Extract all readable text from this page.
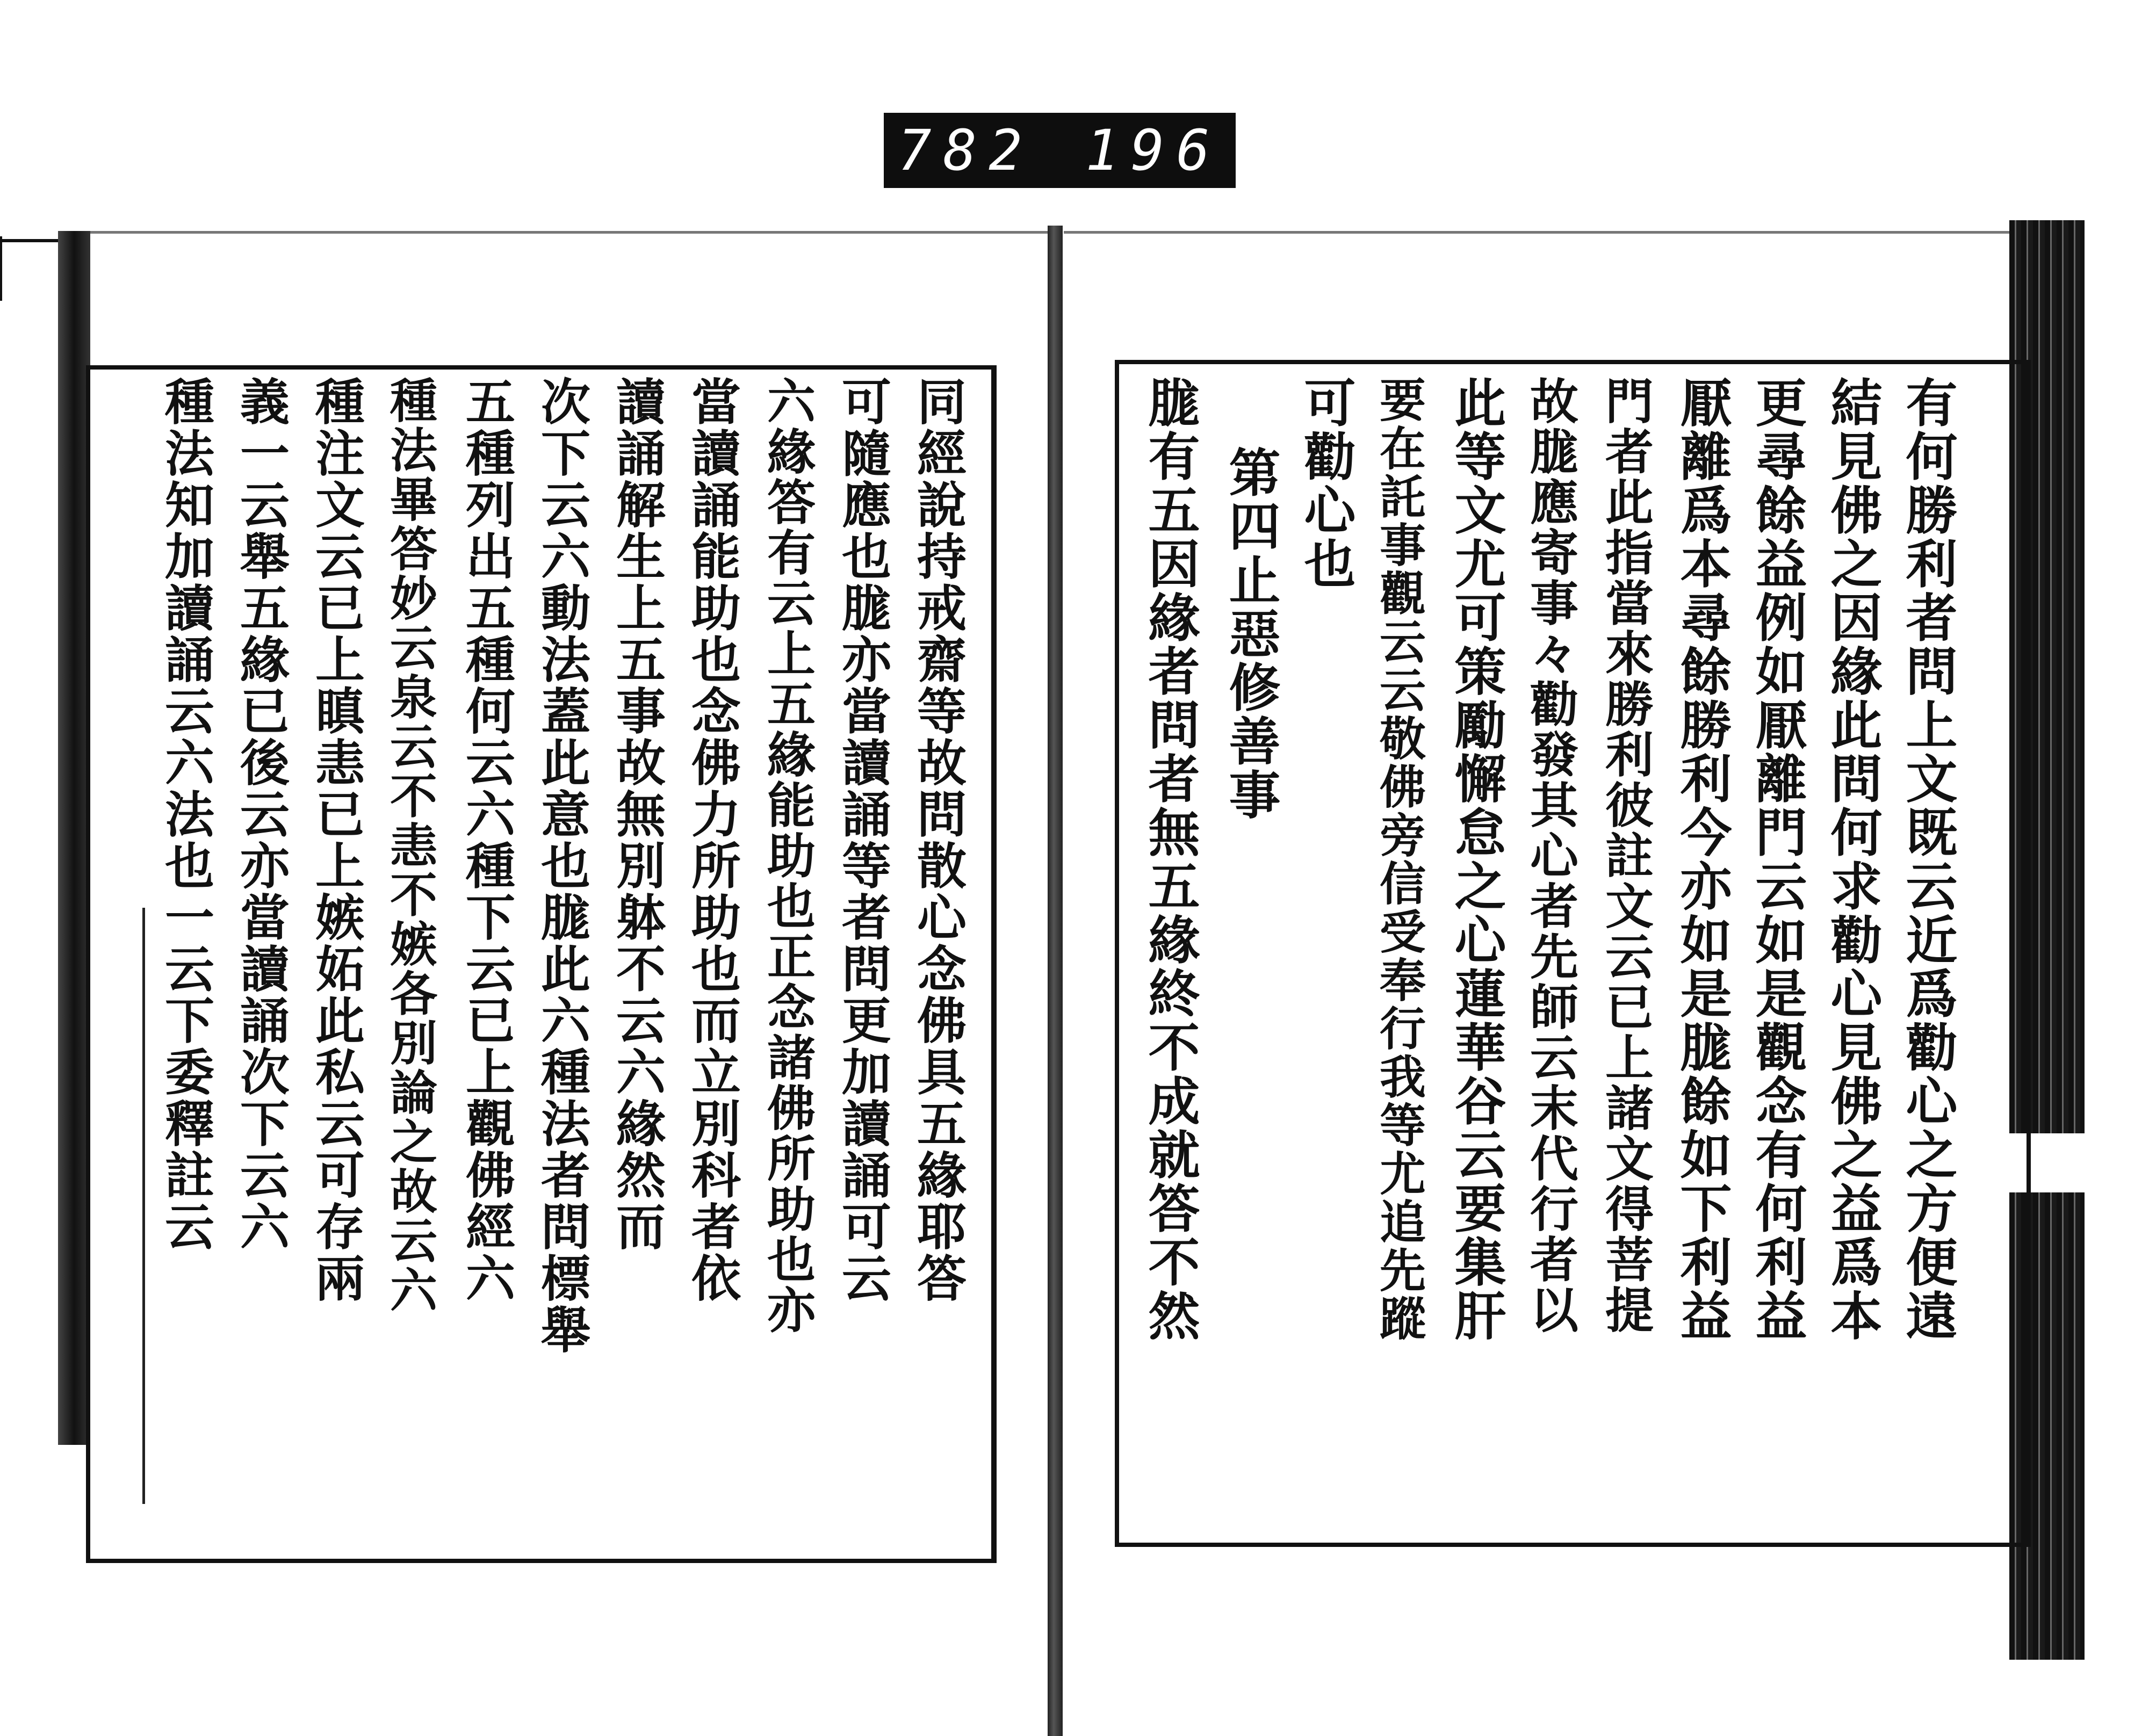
782 196
有何勝利者問上文既云近爲勸心之方便遠
結見佛之因緣此問何求勸心見佛之益爲本
更尋餘益例如厭離門云如是觀念有何利益
厭離爲本尋餘勝利今亦如是䏵餘如下利益
門者此指當來勝利彼註文云已上諸文得菩提
故䏵應寄事々勸發其心者先師云末代行者以
此等文尤可策勵懈怠之心蓮華谷云要集肝
要在託事觀云云敬佛旁信受奉行我等尤追先蹤
可勸心也
第四止惡修善事
䏵有五因緣者問者無五緣終不成就答不然
同經說持戒齋等故問散心念佛具五緣耶答
可隨應也䏵亦當讀誦等者問更加讀誦可云
六緣答有云上五緣能助也正念諸佛所助也亦
當讀誦能助也念佛力所助也而立別科者依
讀誦解生上五事故無別躰不云六緣然而
次下云六動法蓋此意也䏵此六種法者問標舉
五種列出五種何云六種下云已上觀佛經六
種法畢答妙云泉云不恚不嫉各別論之故云六
種注文云已上瞋恚已上嫉妬此私云可存兩
義一云舉五緣已後云亦當讀誦次下云六
種法知加讀誦云六法也一云下委釋註云
